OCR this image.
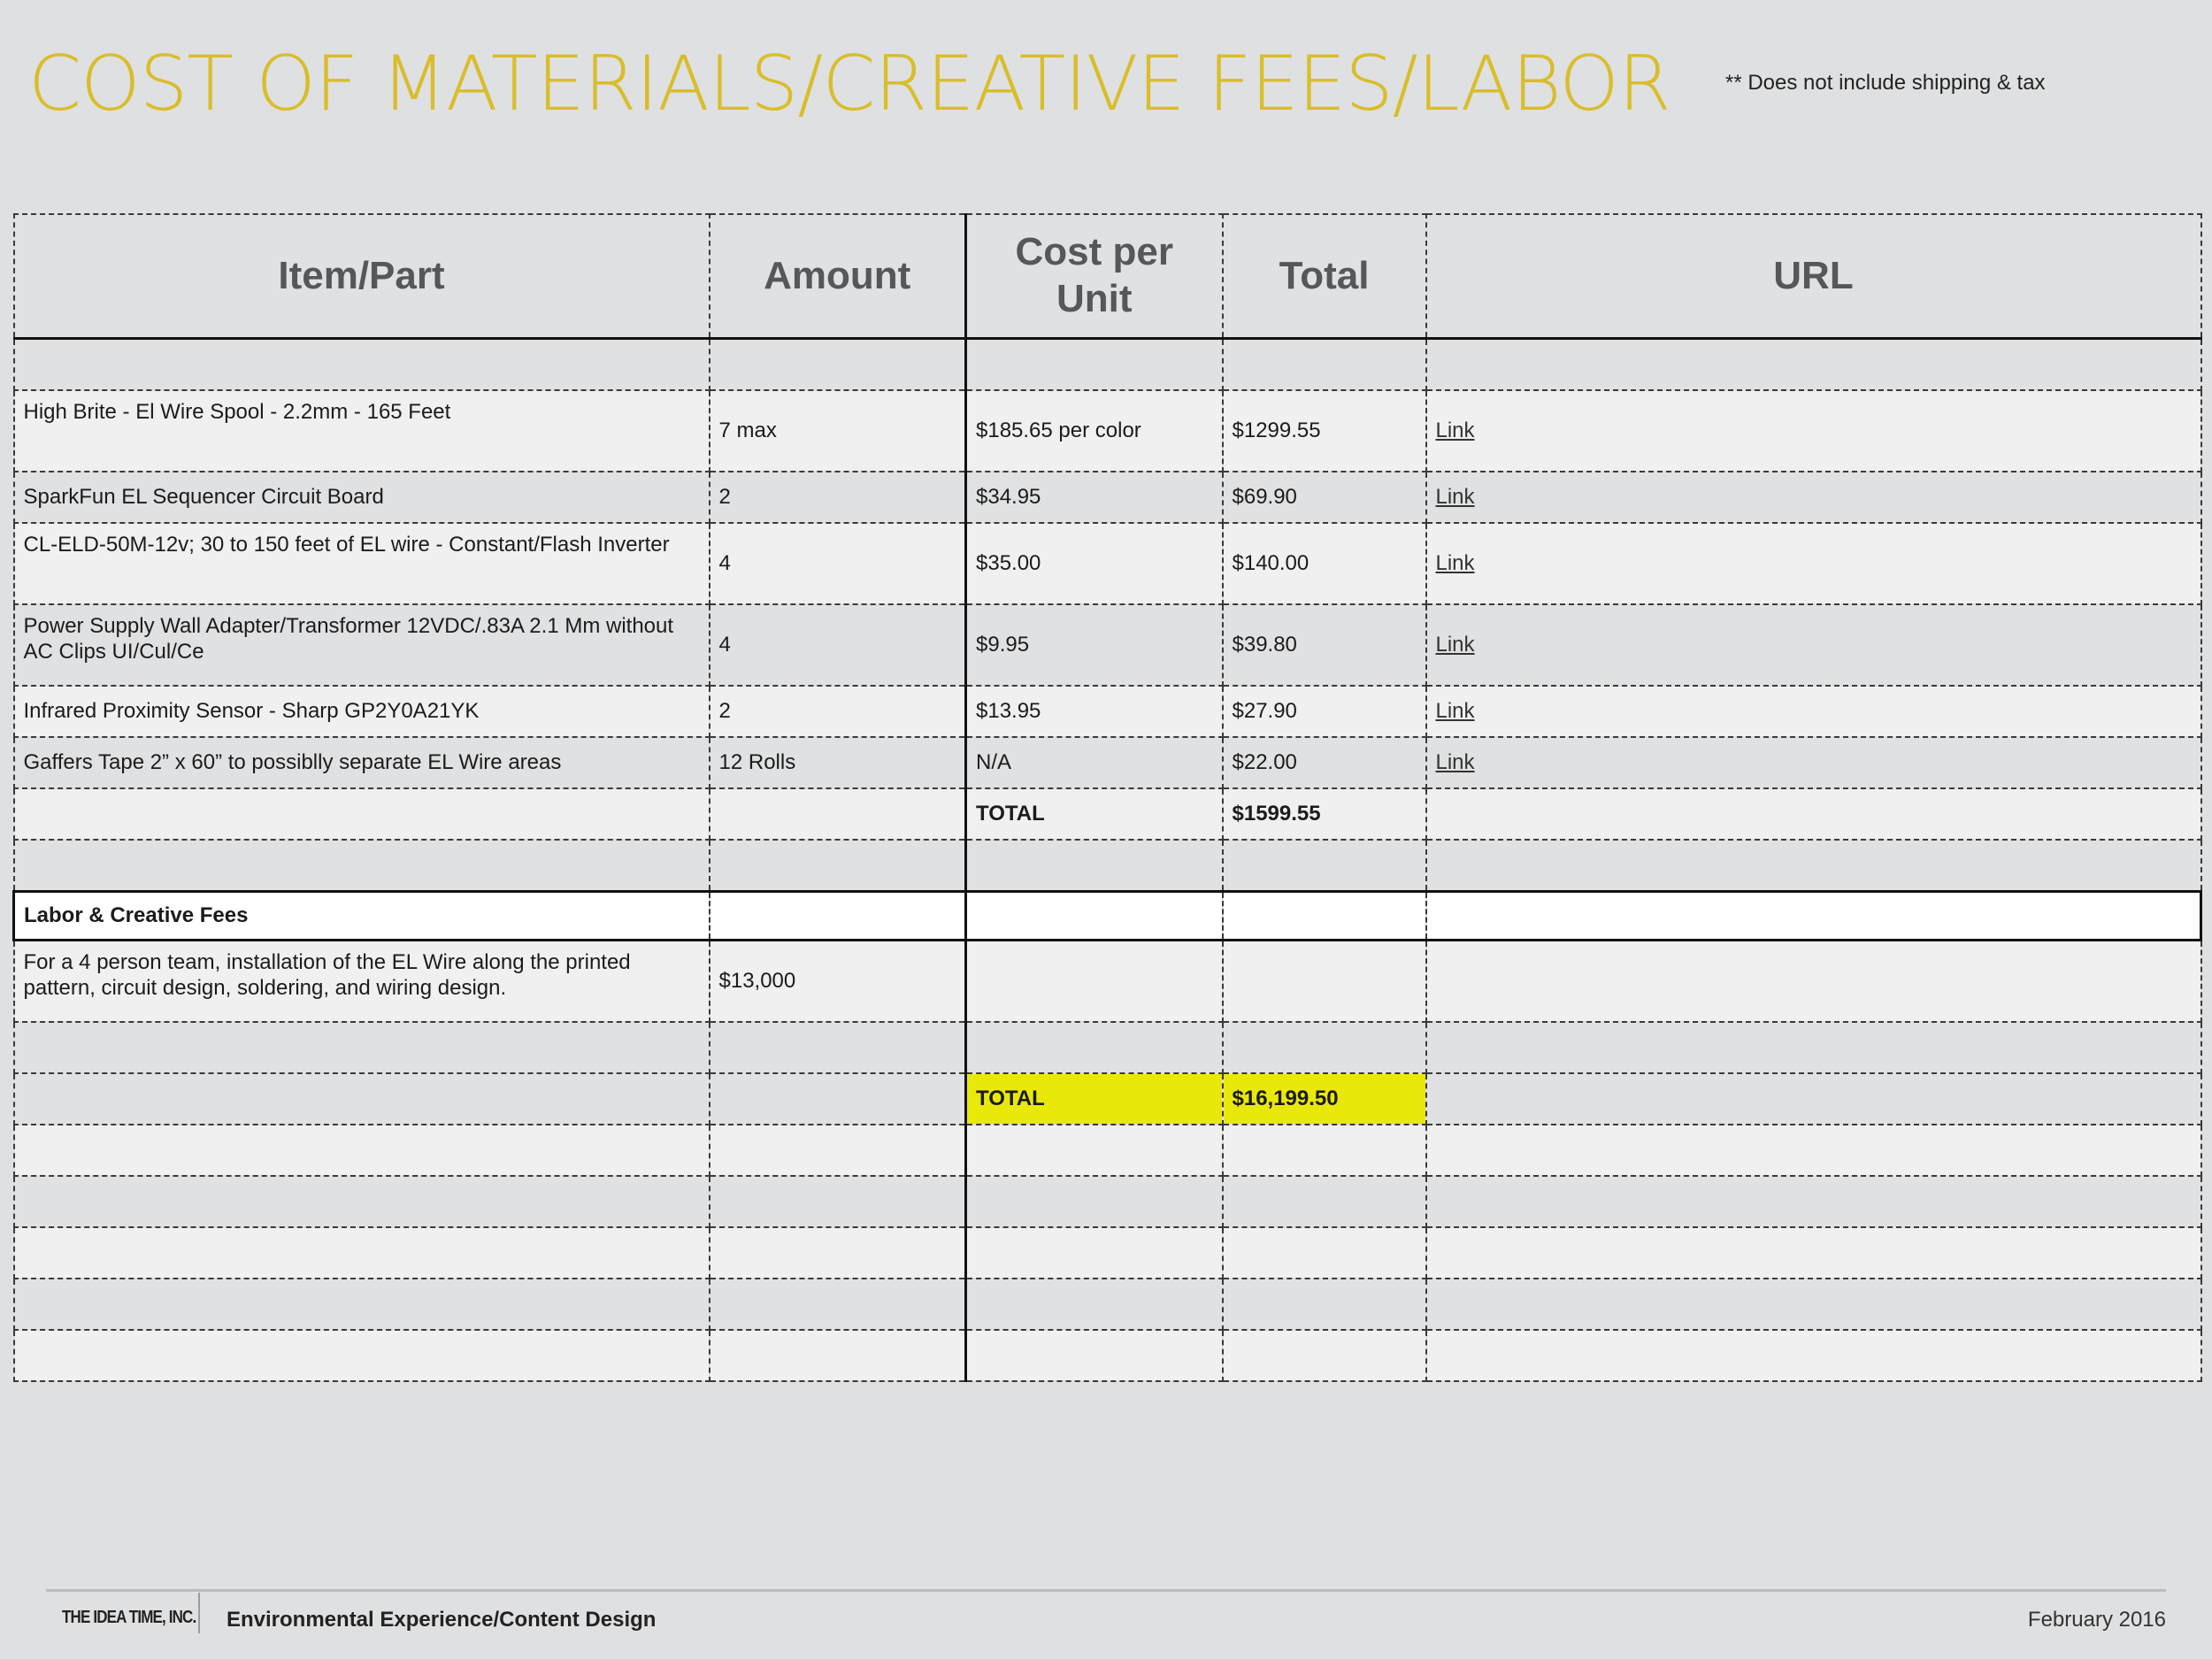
COST OF MATERIALS/CREATIVE FEES/LABOR	** Does not include shipping & tax
Item/Part	Amount	Cost per Unit	Total	URL

High Brite - El Wire Spool - 2.2mm - 165 Feet	7 max	$185.65 per color	$1299.55	Link
SparkFun EL Sequencer Circuit Board	2	$34.95	$69.90	Link
CL-ELD-50M-12v; 30 to 150 feet of EL wire - Constant/Flash Inverter	4	$35.00	$140.00	Link
Power Supply Wall Adapter/Transformer 12VDC/.83A 2.1 Mm without AC Clips UI/Cul/Ce	4	$9.95	$39.80	Link
Infrared Proximity Sensor - Sharp GP2Y0A21YK	2	$13.95	$27.90	Link
Gaffers Tape 2” x 60” to possiblly separate EL Wire areas	12 Rolls	N/A	$22.00	Link
		TOTAL	$1599.55	

Labor & Creative Fees				
For a 4 person team, installation of the EL Wire along the printed pattern, circuit design, soldering, and wiring design.	$13,000			

		TOTAL	$16,199.50	

THE IDEA TIME, INC. Environmental Experience/Content Design	February 2016
